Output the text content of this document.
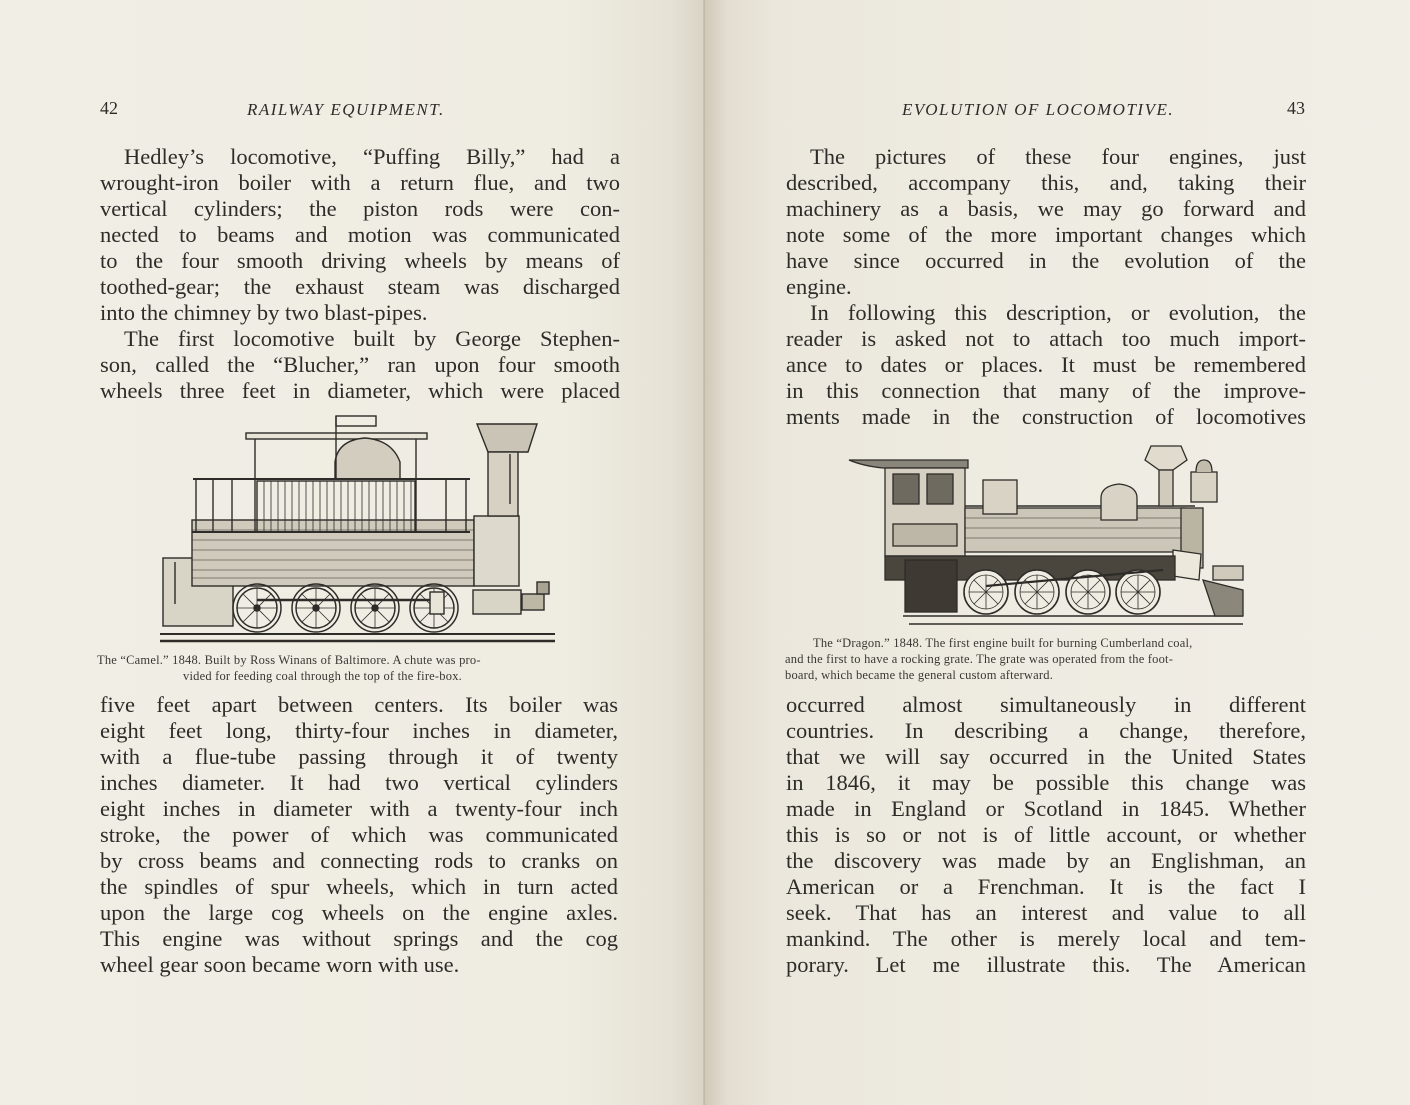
42	RAILWAY EQUIPMENT.
Hedley’s locomotive, “Puffing Billy,” had a
wrought-iron boiler with a return flue, and two
vertical cylinders; the piston rods were con-
nected to beams and motion was communicated
to the four smooth driving wheels by means of
toothed-gear; the exhaust steam was discharged
into the chimney by two blast-pipes.
The first locomotive built by George Stephen-
son, called the “Blucher,” ran upon four smooth
wheels three feet in diameter, which were placed
The “Camel.” 1848. Built by Ross Winans of Baltimore. A chute was pro-
vided for feeding coal through the top of the fire-box.
five feet apart between centers. Its boiler was
eight feet long, thirty-four inches in diameter,
with a flue-tube passing through it of twenty
inches diameter. It had two vertical cylinders
eight inches in diameter with a twenty-four inch
stroke, the power of which was communicated
by cross beams and connecting rods to cranks on
the spindles of spur wheels, which in turn acted
upon the large cog wheels on the engine axles.
This engine was without springs and the cog
wheel gear soon became worn with use.
EVOLUTION OF LOCOMOTIVE.	43
The pictures of these four engines, just
described, accompany this, and, taking their
machinery as a basis, we may go forward and
note some of the more important changes which
have since occurred in the evolution of the
engine.
In following this description, or evolution, the
reader is asked not to attach too much import-
ance to dates or places. It must be remembered
in this connection that many of the improve-
ments made in the construction of locomotives
The “Dragon.” 1848. The first engine built for burning Cumberland coal,
and the first to have a rocking grate. The grate was operated from the foot-
board, which became the general custom afterward.
occurred almost simultaneously in different
countries. In describing a change, therefore,
that we will say occurred in the United States
in 1846, it may be possible this change was
made in England or Scotland in 1845. Whether
this is so or not is of little account, or whether
the discovery was made by an Englishman, an
American or a Frenchman. It is the fact I
seek. That has an interest and value to all
mankind. The other is merely local and tem-
porary. Let me illustrate this. The American
